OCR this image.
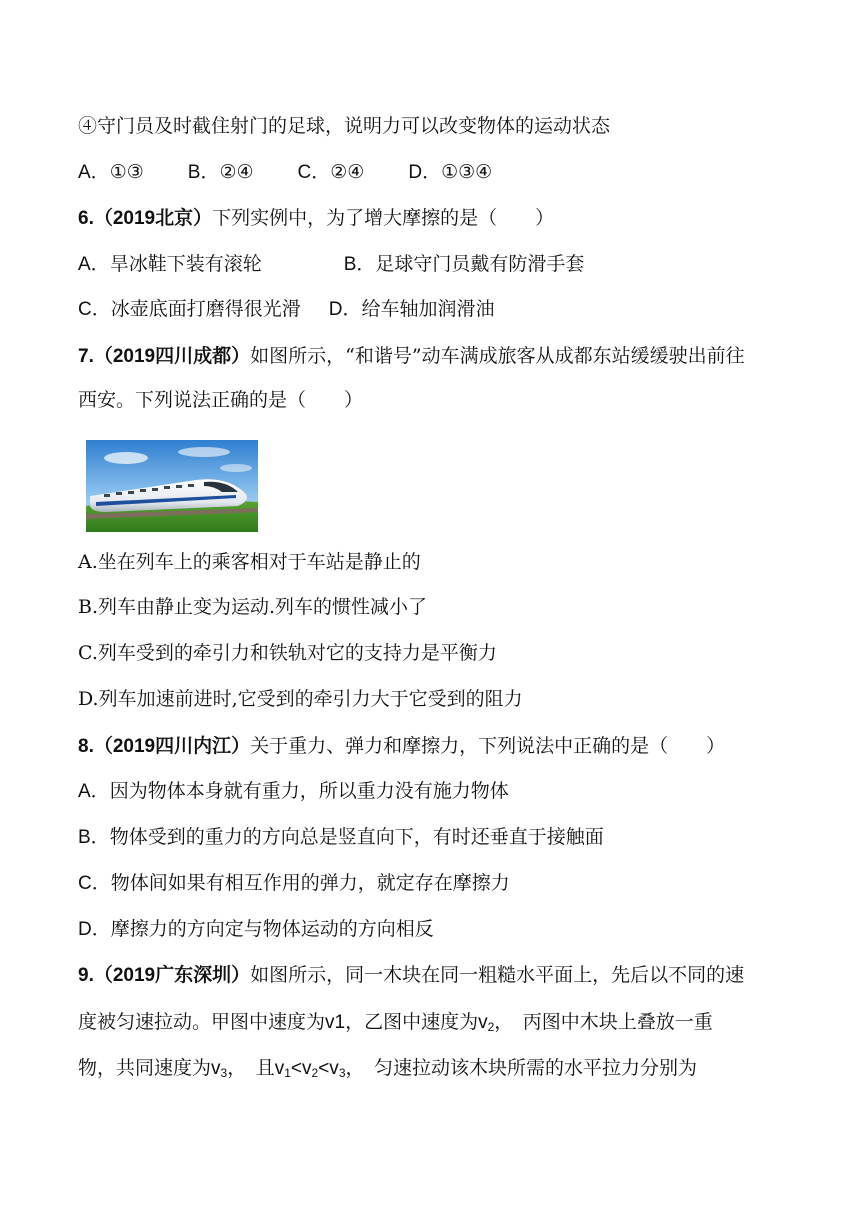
④守门员及时截住射门的足球，说明力可以改变物体的运动状态
A．①③ B．②④ C．②④ D．①③④
6.（2019北京）下列实例中，为了增大摩擦的是（　　）
A．旱冰鞋下装有滚轮	B．足球守门员戴有防滑手套
C．冰壶底面打磨得很光滑 D．给车轴加润滑油
7.（2019四川成都）如图所示，“和谐号”动车满成旅客从成都东站缓缓驶出前往
西安。下列说法正确的是（　　）
A.坐在列车上的乘客相对于车站是静止的
B.列车由静止变为运动.列车的惯性减小了
C.列车受到的牵引力和铁轨对它的支持力是平衡力
D.列车加速前进时,它受到的牵引力大于它受到的阻力
8.（2019四川内江）关于重力、弹力和摩擦力，下列说法中正确的是（　　）
A．因为物体本身就有重力，所以重力没有施力物体
B．物体受到的重力的方向总是竖直向下，有时还垂直于接触面
C．物体间如果有相互作用的弹力，就定存在摩擦力
D．摩擦力的方向定与物体运动的方向相反
9.（2019广东深圳）如图所示，同一木块在同一粗糙水平面上，先后以不同的速
度被匀速拉动。甲图中速度为v1，乙图中速度为$v_2$，　丙图中木块上叠放一重
物，共同速度为$v_3$，　且$v_1<v_2<v_3$，　匀速拉动该木块所需的水平拉力分别为
